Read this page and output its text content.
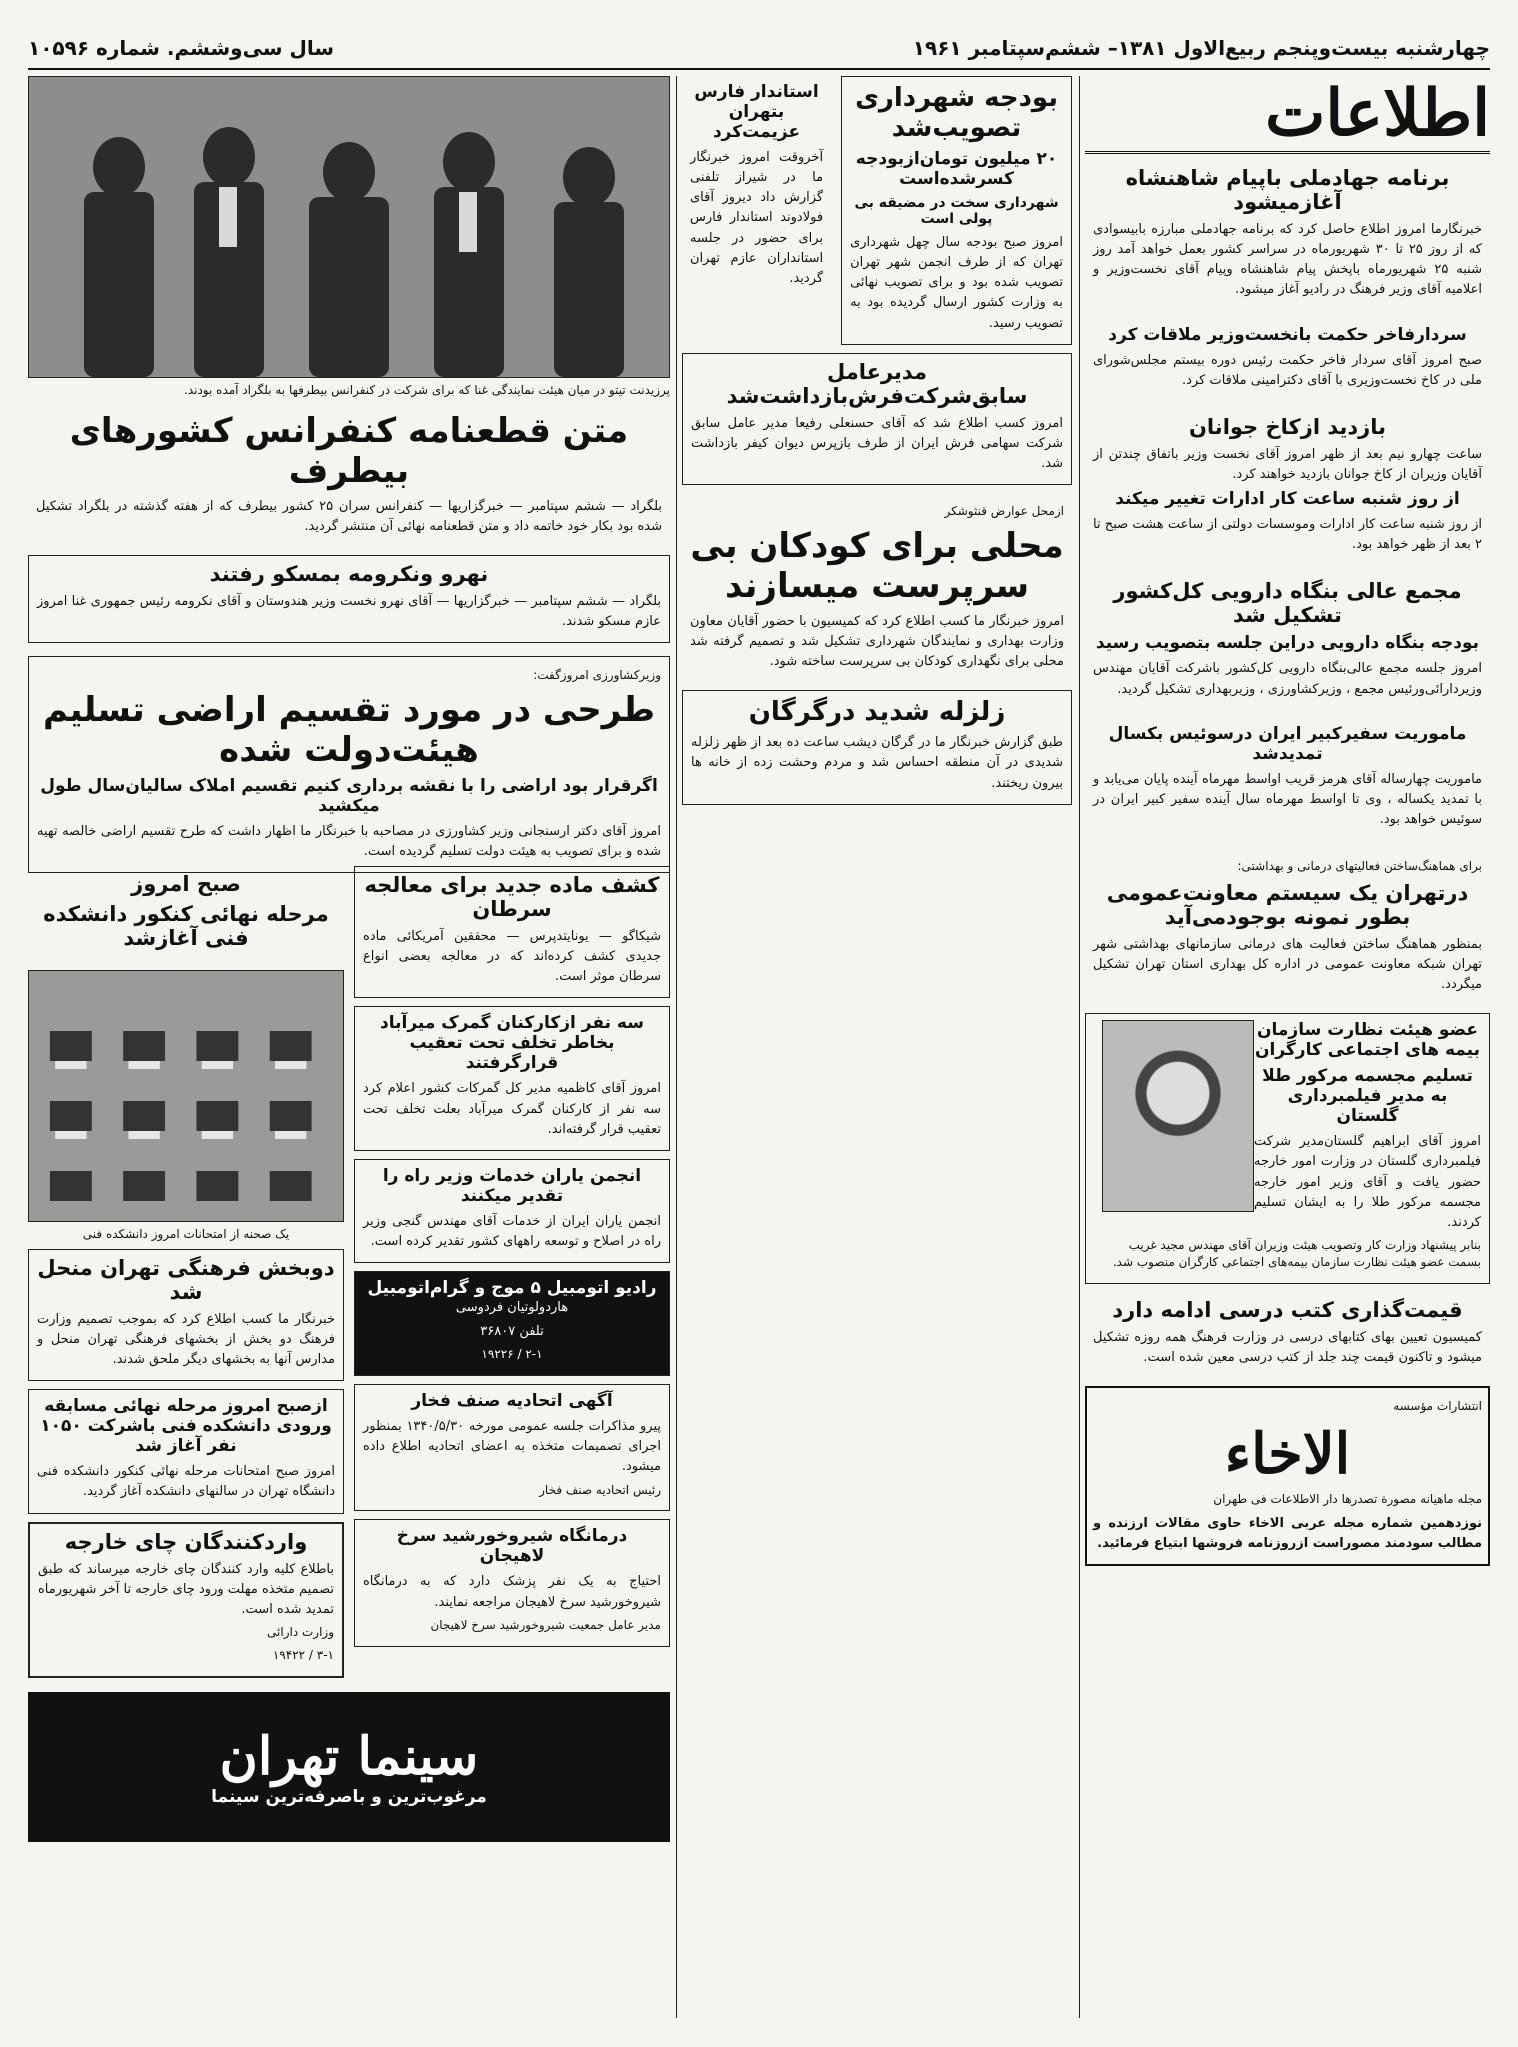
چهارشنبه بیست‌وپنجم ربیع‌الاول ۱۳۸۱– ششم‌سپتامبر ۱۹۶۱
سال سی‌وششم. شماره ۱۰۵۹۶
اطلاعات
برنامه جهاد‌ملی باپیام شاهنشاه آغازمیشود

خبرنگارما امروز اطلاع حاصل کرد که برنامه جهادملی مبارزه بابیسوادی که از روز ۲۵ تا ۳۰ شهریورماه در سراسر کشور بعمل خواهد آمد روز شنبه ۲۵ شهریورماه باپخش پیام شاهنشاه وپیام آقای نخست‌وزیر و اعلامیه آقای وزیر فرهنگ در رادیو آغاز میشود.

سردارفاخر حکمت بانخست‌وزیر ملاقات کرد

صبح امروز آقای سردار فاخر حکمت رئیس دوره بیستم مجلس‌شورای ملی در کاخ نخست‌وزیری با آقای دکترامینی ملاقات کرد.

بازدید ازکاخ جوانان

ساعت چهارو نیم بعد از ظهر امروز آقای نخست وزیر باتفاق چندتن از آقایان وزیران از کاخ جوانان بازدید خواهند کرد.

از روز شنبه ساعت کار ادارات تغییر میکند

از روز شنبه ساعت کار ادارات وموسسات دولتی از ساعت هشت صبح تا ۲ بعد از ظهر خواهد بود.

مجمع عالی بنگاه دارویی کل‌کشور تشکیل شد
بودجه بنگاه دارویی دراین جلسه بتصویب رسید

امروز جلسه مجمع عالی‌بنگاه دارویی کل‌کشور باشرکت آقایان‌ مهندس وزیردارائی‌ورئیس‌ مجمع ، وزیرکشاورزی ، وزیربهداری تشکیل گردید.

ماموریت سفیرکبیر ایران درسوئیس بکسال تمدیدشد

ماموریت چهارساله آقای هرمز قریب اواسط مهرماه آینده پایان می‌یابد و با تمدید یکساله ، وی تا اواسط مهرماه سال آینده سفیر کبیر ایران در سوئیس خواهد بود.

برای هماهنگ‌ساختن فعالیتهای درمانی و بهداشتی:
درتهران یک سیستم معاونت‌عمومی بطور نمونه بوجودمی‌آید

بمنظور هماهنگ ساختن فعالیت های درمانی سازمانهای بهداشتی شهر تهران شبکه معاونت عمومی در اداره کل بهداری استان تهران تشکیل میگردد.

عضو هیئت نظارت سازمان بیمه های اجتماعی کارگران
تسلیم مجسمه مرکور طلا به مدیر فیلمبرداری گلستان

امروز آقای ابراهیم گلستان‌مدیر شرکت فیلمبرداری گلستان در وزارت امور خارجه حضور یافت و آقای وزیر امور خارجه مجسمه مرکور طلا را به ایشان تسلیم کردند.

بنابر پیشنهاد وزارت کار وتصویب هیئت وزیران آقای مهندس مجید غریب بسمت عضو هیئت نظارت سازمان بیمه‌های اجتماعی کارگران منصوب شد.

قیمت‌گذاری کتب درسی ادامه دارد

کمیسیون تعیین بهای کتابهای درسی در وزارت فرهنگ همه روزه تشکیل میشود و تاکنون قیمت چند جلد از کتب درسی معین شده است.

انتشارات مؤسسه
الاخاء
مجله ماهیانه مصورة تصدرها دار الاطلاعات فی طهران

نوزدهمین شماره مجله عربی الاخاء حاوی مقالات ارزنده و مطالب سودمند مصوراست ازروزنامه فروشها ابتیاع فرمائید.

بودجه شهرداری تصویب‌شد
۲۰ میلیون تومان‌ازبودجه کسرشده‌است
شهرداری سخت در مضیقه بی پولی است

امروز صبح بودجه سال چهل شهرداری تهران که از طرف انجمن شهر تهران تصویب شده بود و برای تصویب نهائی به وزارت کشور ارسال گردیده بود به تصویب رسید.

استاندار فارس بتهران عزیمت‌کرد

آخروقت امروز خبرنگار ما در شیراز تلفنی گزارش داد دیروز آقای فولادوند استاندار فارس برای حضور در جلسه استانداران عازم تهران گردید.

مدیرعامل سابق‌شرکت‌فرش‌بازداشت‌شد

امروز کسب اطلاع شد که آقای حسنعلی رفیعا مدیر عامل سابق شرکت سهامی فرش ایران از طرف بازپرس دیوان کیفر بازداشت شد.

ازمحل عوارض قنثوشکر
محلی برای کودکان بی سرپرست میسازند

امروز خبرنگار ما کسب اطلاع کرد که کمیسیون با حضور آقایان معاون وزارت بهداری و نمایندگان شهرداری تشکیل شد و تصمیم گرفته شد محلی برای نگهداری کودکان بی سرپرست ساخته شود.

زلزله شدید درگرگان

طبق گزارش خبرنگار ما در گرگان دیشب ساعت ده بعد از ظهر زلزله شدیدی در آن منطقه احساس شد و مردم وحشت زده از خانه ها بیرون ریختند.

پرزیدنت تیتو در میان هیئت نمایندگی غنا که برای شرکت در کنفرانس بیطرفها به بلگراد آمده بودند.

متن قطعنامه کنفرانس کشورهای بیطرف

بلگراد — ششم سپتامبر — خبرگزاریها — کنفرانس سران ۲۵ کشور بیطرف که از هفته گذشته در بلگراد تشکیل شده بود بکار خود خاتمه داد و متن قطعنامه نهائی آن منتشر گردید.

نهرو ونکرومه بمسکو رفتند

بلگراد — ششم سپتامبر — خبرگزاریها — آقای نهرو نخست وزیر هندوستان و آقای نکرومه رئیس جمهوری غنا امروز عازم مسکو شدند.

وزیرکشاورزی امروزگفت:
طرحی در مورد تقسیم اراضی تسلیم هیئت‌دولت شده
اگرقرار بود اراضی را با نقشه برداری کنیم تقسیم املاک سالیان‌سال طول میکشید

امروز آقای دکتر ارسنجانی وزیر کشاورزی در مصاحبه با خبرنگار ما اظهار داشت که طرح تقسیم اراضی خالصه تهیه شده و برای تصویب به هیئت دولت تسلیم گردیده است.

کشف ماده جدید برای معالجه سرطان

شیکاگو — یونایتدپرس — محققین آمریکائی ماده جدیدی کشف کرده‌اند که در معالجه بعضی انواع سرطان موثر است.

سه نفر ازکارکنان گمرک میرآباد بخاطر تخلف تحت تعقیب قرارگرفتند

امروز آقای کاظمیه مدیر کل گمرکات کشور اعلام کرد سه نفر از کارکنان گمرک میرآباد بعلت تخلف تحت تعقیب قرار گرفته‌اند.

انجمن یاران خدمات وزیر راه را تقدیر میکنند

انجمن یاران ایران از خدمات آقای مهندس گنجی وزیر راه در اصلاح و توسعه راههای کشور تقدیر کرده است.

رادیو اتومبیل ۵ موج و گرام‌اتومبیل
هاردولوتیان فردوسی
تلفن ۳۶۸۰۷
۲-۱ / ۱۹۲۲۶
آگهی اتحادیه صنف فخار

پیرو مذاکرات جلسه عمومی مورخه ۱۳۴۰/۵/۳۰ بمنظور اجرای تصمیمات متخذه به اعضای اتحادیه اطلاع داده میشود.

رئیس اتحادیه صنف فخار

درمانگاه شیروخورشید سرخ لاهیجان

احتیاج به یک نفر پزشک دارد که به درمانگاه شیروخورشید سرخ لاهیجان مراجعه نمایند.

مدیر عامل جمعیت شیروخورشید سرخ لاهیجان

صبح امروز
مرحله نهائی کنکور دانشکده فنی آغازشد

یک صحنه از امتحانات امروز دانشکده فنی

دوبخش فرهنگی تهران منحل شد

خبرنگار ما کسب اطلاع کرد که بموجب تصمیم وزارت فرهنگ دو بخش از بخشهای فرهنگی تهران منحل و مدارس آنها به بخشهای دیگر ملحق شدند.

ازصبح امروز مرحله نهائی مسابقه ورودی دانشکده فنی باشرکت ۱۰۵۰ نفر آغاز شد

امروز صبح امتحانات مرحله نهائی کنکور دانشکده فنی دانشگاه تهران در سالنهای دانشکده آغاز گردید.

واردکنندگان چای خارجه

باطلاع کلیه وارد کنندگان چای خارجه میرساند که طبق تصمیم متخذه مهلت ورود چای خارجه تا آخر شهریورماه تمدید شده است.

وزارت دارائی

۳-۱ / ۱۹۴۲۲

سینما تهران
مرغوب‌ترین و باصرفه‌ترین سینما
